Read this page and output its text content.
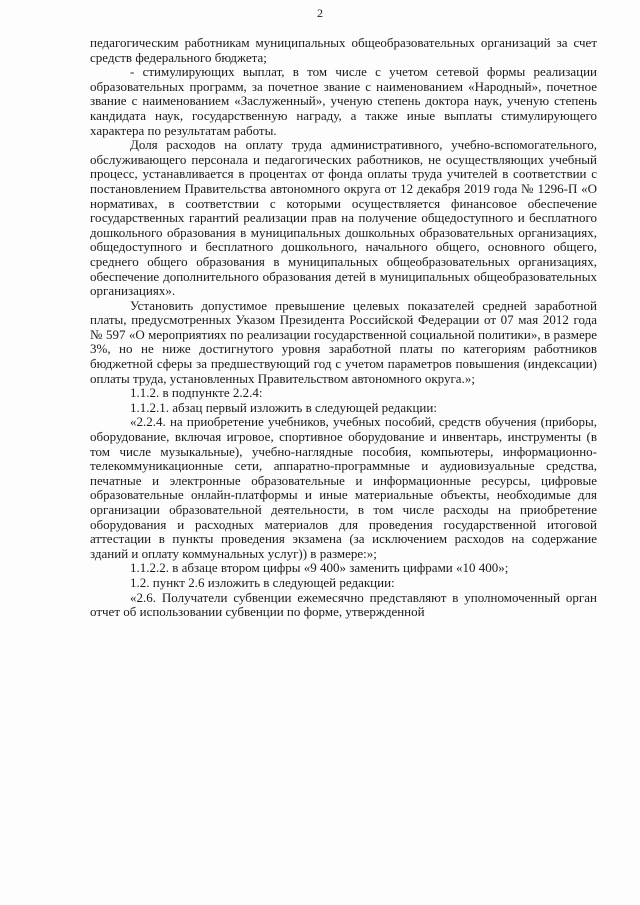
2

педагогическим работникам муниципальных общеобразовательных организаций за счет средств федерального бюджета;

- стимулирующих выплат, в том числе с учетом сетевой формы реализации образовательных программ, за почетное звание с наименованием «Народный», почетное звание с наименованием «Заслуженный», ученую степень доктора наук, ученую степень кандидата наук, государственную награду, а также иные выплаты стимулирующего характера по результатам работы.

Доля расходов на оплату труда административного, учебно-вспомогательного, обслуживающего персонала и педагогических работников, не осуществляющих учебный процесс, устанавливается в процентах от фонда оплаты труда учителей в соответствии с постановлением Правительства автономного округа от 12 декабря 2019 года № 1296-П «О нормативах, в соответствии с которыми осуществляется финансовое обеспечение государственных гарантий реализации прав на получение общедоступного и бесплатного дошкольного образования в муниципальных дошкольных образовательных организациях, общедоступного и бесплатного дошкольного, начального общего, основного общего, среднего общего образования в муниципальных общеобразовательных организациях, обеспечение дополнительного образования детей в муниципальных общеобразовательных организациях».

Установить допустимое превышение целевых показателей средней заработной платы, предусмотренных Указом Президента Российской Федерации от 07 мая 2012 года № 597 «О мероприятиях по реализации государственной социальной политики», в размере 3%, но не ниже достигнутого уровня заработной платы по категориям работников бюджетной сферы за предшествующий год с учетом параметров повышения (индексации) оплаты труда, установленных Правительством автономного округа.»;

1.1.2. в подпункте 2.2.4:

1.1.2.1. абзац первый изложить в следующей редакции:

«2.2.4. на приобретение учебников, учебных пособий, средств обучения (приборы, оборудование, включая игровое, спортивное оборудование и инвентарь, инструменты (в том числе музыкальные), учебно-наглядные пособия, компьютеры, информационно-телекоммуникационные сети, аппаратно-программные и аудиовизуальные средства, печатные и электронные образовательные и информационные ресурсы, цифровые образовательные онлайн-платформы и иные материальные объекты, необходимые для организации образовательной деятельности, в том числе расходы на приобретение оборудования и расходных материалов для проведения государственной итоговой аттестации в пункты проведения экзамена (за исключением расходов на содержание зданий и оплату коммунальных услуг)) в размере:»;

1.1.2.2. в абзаце втором цифры «9 400» заменить цифрами «10 400»;

1.2. пункт 2.6 изложить в следующей редакции:

«2.6. Получатели субвенции ежемесячно представляют в уполномоченный орган отчет об использовании субвенции по форме, утвержденной
